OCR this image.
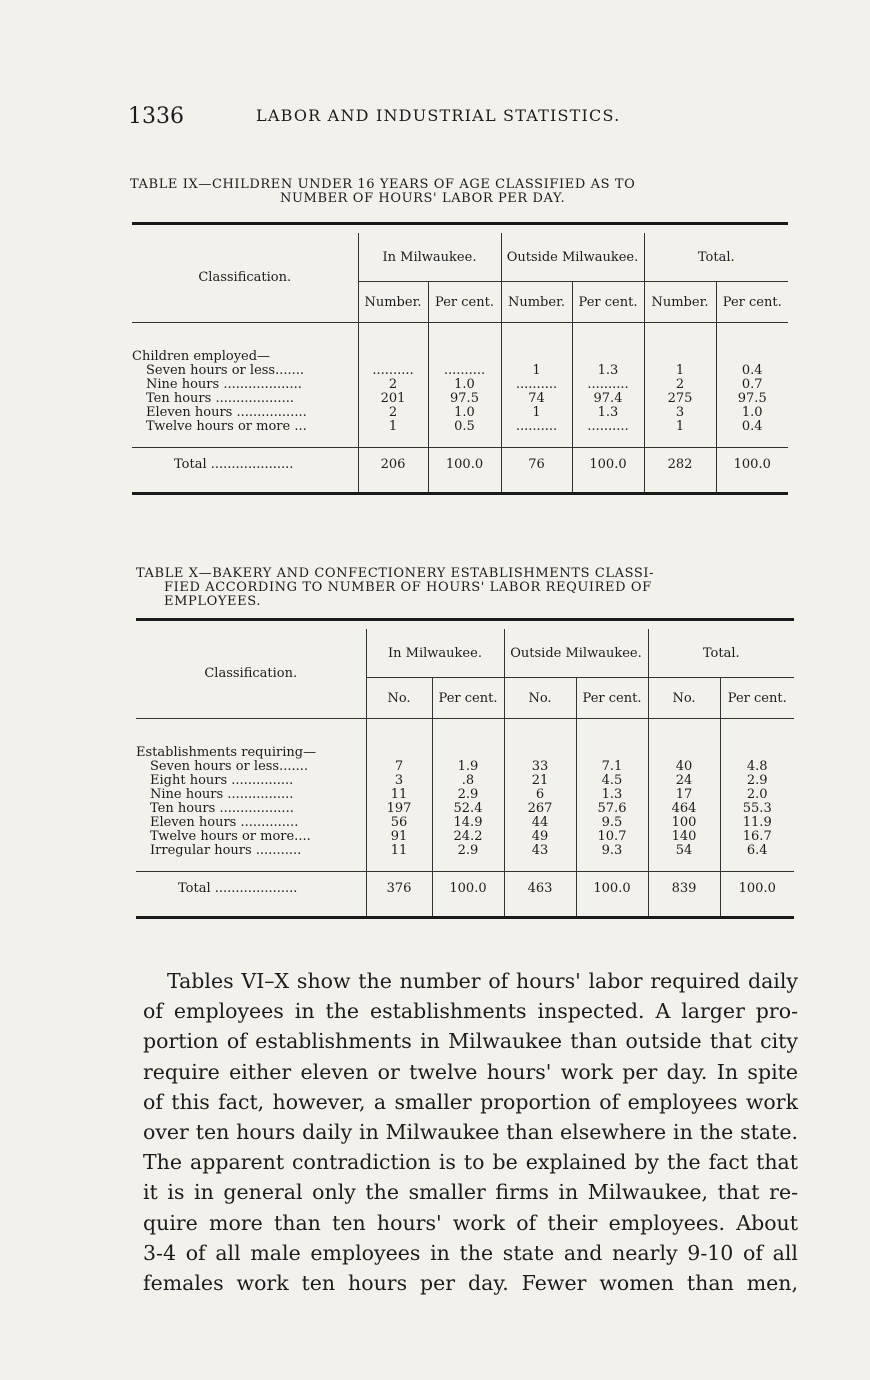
1336	LABOR AND INDUSTRIAL STATISTICS.
TABLE IX—CHILDREN UNDER 16 YEARS OF AGE CLASSIFIED AS TO
NUMBER OF HOURS' LABOR PER DAY.

Classification.	In Milwaukee.		Outside Milwaukee.		Total.	
	Number.	Per cent.	Number.	Per cent.	Number.	Per cent.

Children employed—						
Seven hours or less.......	..........	..........	1	1.3	1	0.4
Nine hours ...................	2	1.0	..........	..........	2	0.7
Ten hours ...................	201	97.5	74	97.4	275	97.5
Eleven hours .................	2	1.0	1	1.3	3	1.0
Twelve hours or more ...	1	0.5	..........	..........	1	0.4

Total ....................	206	100.0	76	100.0	282	100.0

TABLE X—BAKERY AND CONFECTIONERY ESTABLISHMENTS CLASSI-
FIED ACCORDING TO NUMBER OF HOURS' LABOR REQUIRED OF
EMPLOYEES.

Classification.	In Milwaukee.		Outside Milwaukee.		Total.	
	No.	Per cent.	No.	Per cent.	No.	Per cent.

Establishments requiring—						
Seven hours or less.......	7	1.9	33	7.1	40	4.8
Eight hours ...............	3	.8	21	4.5	24	2.9
Nine hours ................	11	2.9	6	1.3	17	2.0
Ten hours ..................	197	52.4	267	57.6	464	55.3
Eleven hours ..............	56	14.9	44	9.5	100	11.9
Twelve hours or more....	91	24.2	49	10.7	140	16.7
Irregular hours ...........	11	2.9	43	9.3	54	6.4

Total ....................	376	100.0	463	100.0	839	100.0

Tables VI–X show the number of hours' labor required daily
of employees in the establishments inspected. A larger pro-
portion of establishments in Milwaukee than outside that city
require either eleven or twelve hours' work per day. In spite
of this fact, however, a smaller proportion of employees work
over ten hours daily in Milwaukee than elsewhere in the state.
The apparent contradiction is to be explained by the fact that
it is in general only the smaller firms in Milwaukee, that re-
quire more than ten hours' work of their employees. About
3-4 of all male employees in the state and nearly 9-10 of all
females work ten hours per day. Fewer women than men,
